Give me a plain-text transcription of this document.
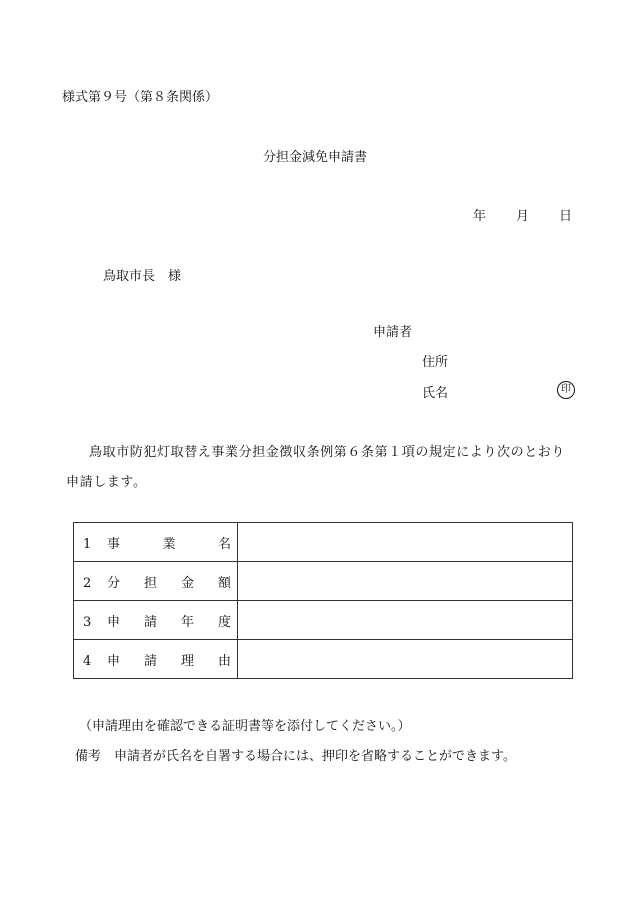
様式第９号（第８条関係）
分担金減免申請書
年 月 日
鳥取市長　様
申請者
住所
氏名	印
鳥取市防犯灯取替え事業分担金徴収条例第６条第１項の規定により次のとおり申請します。
1 事 業 名	
2 分 担 金 額	
3 申 請 年 度	
4 申 請 理 由	
（申請理由を確認できる証明書等を添付してください。）
備考　申請者が氏名を自署する場合には、押印を省略することができます。
